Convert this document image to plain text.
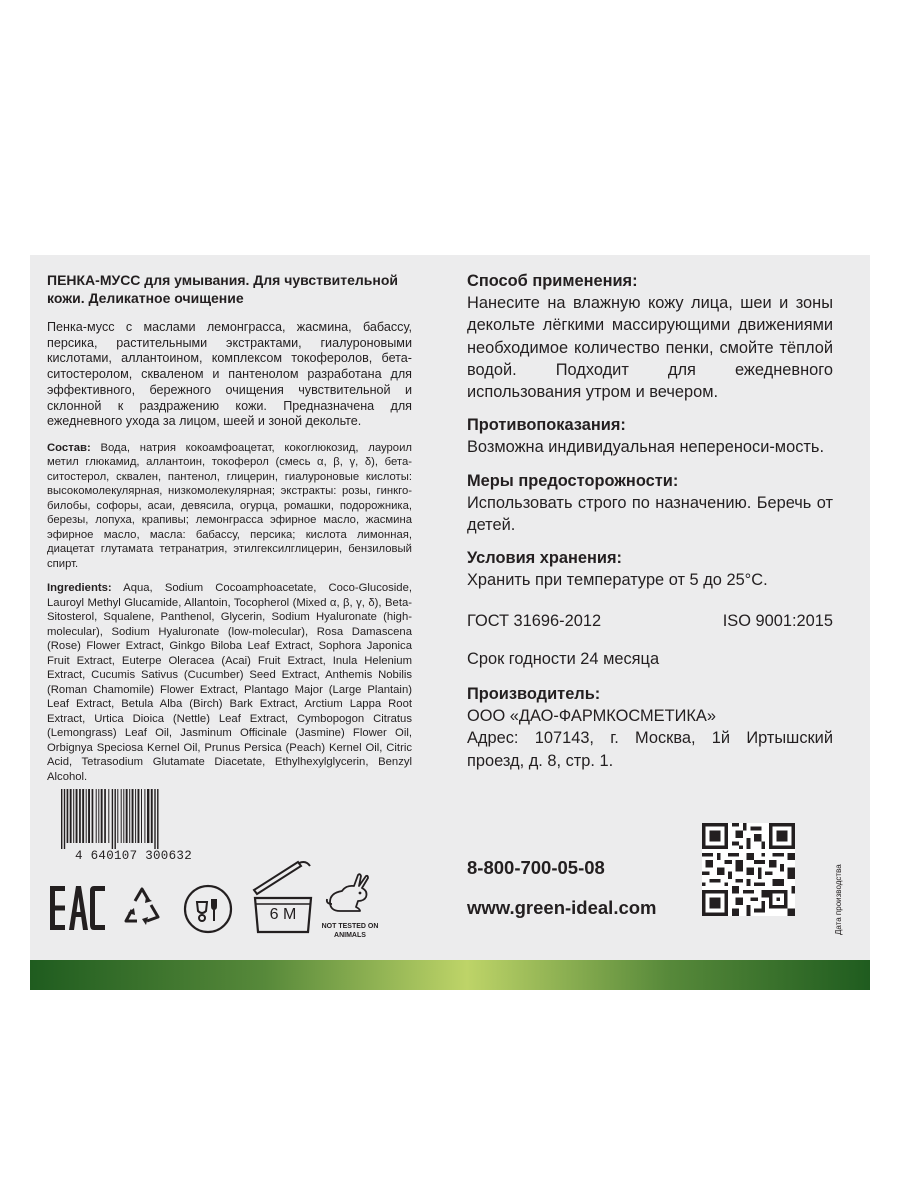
ПЕНКА-МУСС для умывания. Для чувствительной кожи. Деликатное очищение

Пенка-мусс с маслами лемонграсса, жасмина, бабассу, персика, растительными экстрактами, гиалуроновыми кислотами, аллантоином, комплексом токоферолов, бета-ситостеролом, скваленом и пантенолом разработана для эффективного, бережного очищения чувствительной и склонной к раздражению кожи. Предназначена для ежедневного ухода за лицом, шеей и зоной декольте.

Состав: Вода, натрия кокоамфоацетат, кокоглюкозид, лауроил метил глюкамид, аллантоин, токоферол (смесь α, β, γ, δ), бета-ситостерол, сквален, пантенол, глицерин, гиалуроновые кислоты: высокомолекулярная, низкомолекулярная; экстракты: розы, гинкго-билобы, софоры, асаи, девясила, огурца, ромашки, подорожника, березы, лопуха, крапивы; лемонграсса эфирное масло, жасмина эфирное масло, масла: бабассу, персика; кислота лимонная, диацетат глутамата тетранатрия, этилгексилглицерин, бензиловый спирт.

Ingredients: Aqua, Sodium Cocoamphoacetate, Coco-Glucoside, Lauroyl Methyl Glucamide, Allantoin, Tocopherol (Mixed α, β, γ, δ), Beta-Sitosterol, Squalene, Panthenol, Glycerin, Sodium Hyaluronate (high-molecular), Sodium Hyaluronate (low-molecular), Rosa Damascena (Rose) Flower Extract, Ginkgo Biloba Leaf Extract, Sophora Japonica Fruit Extract, Euterpe Oleracea (Acai) Fruit Extract, Inula Helenium Extract, Cucumis Sativus (Cucumber) Seed Extract, Anthemis Nobilis (Roman Chamomile) Flower Extract, Plantago Major (Large Plantain) Leaf Extract, Betula Alba (Birch) Bark Extract, Arctium Lappa Root Extract, Urtica Dioica (Nettle) Leaf Extract, Cymbopogon Citratus (Lemongrass) Leaf Oil, Jasminum Officinale (Jasmine) Flower Oil, Orbignya Speciosa Kernel Oil, Prunus Persica (Peach) Kernel Oil, Citric Acid, Tetrasodium Glutamate Diacetate, Ethylhexylglycerin, Benzyl Alcohol.

Способ применения:

Нанесите на влажную кожу лица, шеи и зоны декольте лёгкими массирующими движениями необходимое количество пенки, смойте тёплой водой. Подходит для ежедневного использования утром и вечером.

Противопоказания:

Возможна индивидуальная непереноси-мость.

Меры предосторожности:

Использовать строго по назначению. Беречь от детей.

Условия хранения:

Хранить при температуре от 5 до 25°С.

ГОСТ 31696-2012	ISO 9001:2015

Срок годности 24 месяца

Производитель:

ООО «ДАО-ФАРМКОСМЕТИКА»

Адрес: 107143, г. Москва, 1й Иртышский проезд, д. 8, стр. 1.

8-800-700-05-08
www.green-ideal.com	Дата производства
4 640107 300632
6 M
NOT TESTED ON ANIMALS
